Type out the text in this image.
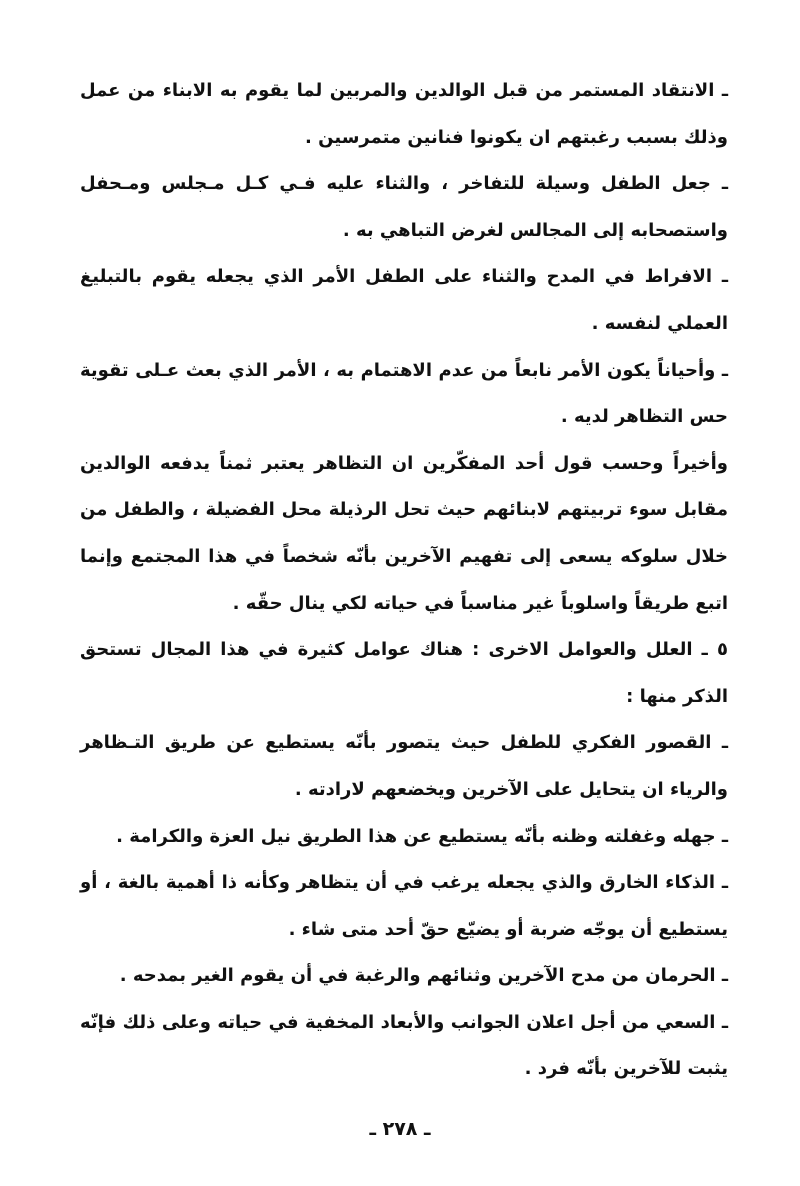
ـ الانتقاد المستمر من قبل الوالدين والمربين لما يقوم به الابناء من عمل وذلك بسبب رغبتهم ان يكونوا فنانين متمرسين .

ـ جعل الطفل وسيلة للتفاخر ، والثناء عليه فـي كـل مـجلس ومـحفل واستصحابه إلى المجالس لغرض التباهي به .

ـ الافراط في المدح والثناء على الطفل الأمر الذي يجعله يقوم بالتبليغ العملي لنفسه .

ـ وأحياناً يكون الأمر نابعاً من عدم الاهتمام به ، الأمر الذي بعث عـلى تقوية حس التظاهر لديه .

وأخيراً وحسب قول أحد المفكّرين ان التظاهر يعتبر ثمناً يدفعه الوالدين مقابل سوء تربيتهم لابنائهم حيث تحل الرذيلة محل الفضيلة ، والطفل من خلال سلوكه يسعى إلى تفهيم الآخرين بأنّه شخصاً في هذا المجتمع وإنما اتبع طريقاً واسلوباً غير مناسباً في حياته لكي ينال حقّه .

٥ ـ العلل والعوامل الاخرى : هناك عوامل كثيرة في هذا المجال تستحق الذكر منها :

ـ القصور الفكري للطفل حيث يتصور بأنّه يستطيع عن طريق التـظاهر والرياء ان يتحايل على الآخرين ويخضعهم لارادته .

ـ جهله وغفلته وظنه بأنّه يستطيع عن هذا الطريق نيل العزة والكرامة .

ـ الذكاء الخارق والذي يجعله يرغب في أن يتظاهر وكأنه ذا أهمية بالغة ، أو يستطيع أن يوجّه ضربة أو يضيّع حقّ أحد متى شاء .

ـ الحرمان من مدح الآخرين وثنائهم والرغبة في أن يقوم الغير بمدحه .

ـ السعي من أجل اعلان الجوانب والأبعاد المخفية في حياته وعلى ذلك فإنّه يثبت للآخرين بأنّه فرد .

ـ ٢٧٨ ـ
